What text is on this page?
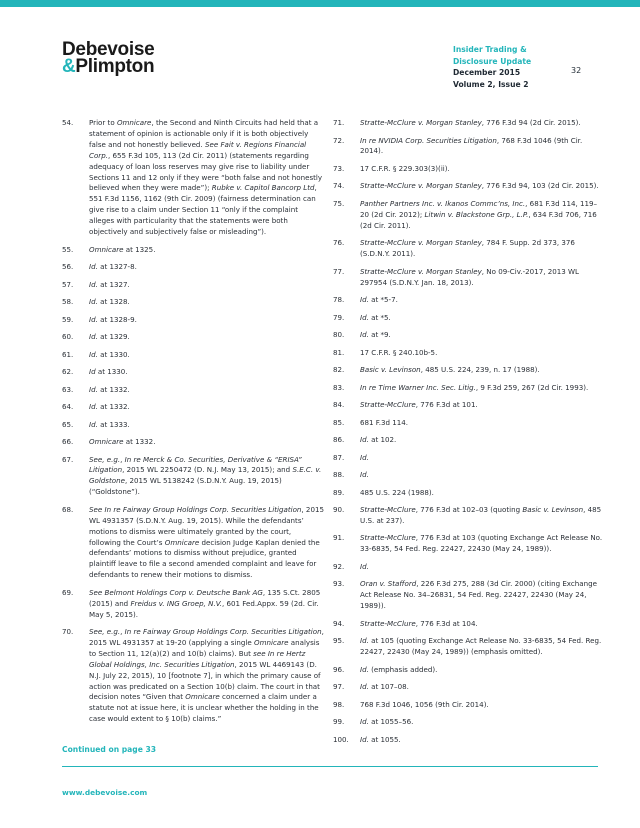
Debevoise
&Plimpton
Insider Trading &
Disclosure Update
December 2015
Volume 2, Issue 2
32
54.	Prior to Omnicare, the Second and Ninth Circuits had held that a statement of opinion is actionable only if it is both objectively false and not honestly believed. See Fait v. Regions Financial Corp., 655 F.3d 105, 113 (2d Cir. 2011) (statements regarding adequacy of loan loss reserves may give rise to liability under Sections 11 and 12 only if they were “both false and not honestly believed when they were made”); Rubke v. Capitol Bancorp Ltd, 551 F.3d 1156, 1162 (9th Cir. 2009) (fairness determination can give rise to a claim under Section 11 “only if the complaint alleges with particularity that the statements were both objectively and subjectively false or misleading”).
55.	Omnicare at 1325.
56.	Id. at 1327-8.
57.	Id. at 1327.
58.	Id. at 1328.
59.	Id. at 1328-9.
60.	Id. at 1329.
61.	Id. at 1330.
62.	Id at 1330.
63.	Id. at 1332.
64.	Id. at 1332.
65.	Id. at 1333.
66.	Omnicare at 1332.
67.	See, e.g., In re Merck & Co. Securities, Derivative & “ERISA” Litigation, 2015 WL 2250472 (D. N.J. May 13, 2015); and S.E.C. v. Goldstone, 2015 WL 5138242 (S.D.N.Y. Aug. 19, 2015) (“Goldstone”).
68.	See In re Fairway Group Holdings Corp. Securities Litigation, 2015 WL 4931357 (S.D.N.Y. Aug. 19, 2015). While the defendants’ motions to dismiss were ultimately granted by the court, following the Court’s Omnicare decision Judge Kaplan denied the defendants’ motions to dismiss without prejudice, granted plaintiff leave to file a second amended complaint and leave for defendants to renew their motions to dismiss.
69.	See Belmont Holdings Corp v. Deutsche Bank AG, 135 S.Ct. 2805 (2015) and Freidus v. ING Groep, N.V., 601 Fed.Appx. 59 (2d. Cir. May 5, 2015).
70.	See, e.g., In re Fairway Group Holdings Corp. Securities Litigation, 2015 WL 4931357 at 19-20 (applying a single Omnicare analysis to Section 11, 12(a)(2) and 10(b) claims). But see In re Hertz Global Holdings, Inc. Securities Litigation, 2015 WL 4469143 (D. N.J. July 22, 2015), 10 [footnote 7], in which the primary cause of action was predicated on a Section 10(b) claim. The court in that decision notes “Given that Omnicare concerned a claim under a statute not at issue here, it is unclear whether the holding in the case would extent to § 10(b) claims.”
71.	Stratte-McClure v. Morgan Stanley, 776 F.3d 94 (2d Cir. 2015).
72.	In re NVIDIA Corp. Securities Litigation, 768 F.3d 1046 (9th Cir. 2014).
73.	17 C.F.R. § 229.303(3)(ii).
74.	Stratte-McClure v. Morgan Stanley, 776 F.3d 94, 103 (2d Cir. 2015).
75.	Panther Partners Inc. v. Ikanos Commc’ns, Inc., 681 F.3d 114, 119–20 (2d Cir. 2012); Litwin v. Blackstone Grp., L.P., 634 F.3d 706, 716 (2d Cir. 2011).
76.	Stratte-McClure v. Morgan Stanley, 784 F. Supp. 2d 373, 376 (S.D.N.Y. 2011).
77.	Stratte-McClure v. Morgan Stanley, No 09-Civ.-2017, 2013 WL 297954 (S.D.N.Y. Jan. 18, 2013).
78.	Id. at *5-7.
79.	Id. at *5.
80.	Id. at *9.
81.	17 C.F.R. § 240.10b-5.
82.	Basic v. Levinson, 485 U.S. 224, 239, n. 17 (1988).
83.	In re Time Warner Inc. Sec. Litig., 9 F.3d 259, 267 (2d Cir. 1993).
84.	Stratte-McClure, 776 F.3d at 101.
85.	681 F.3d 114.
86.	Id. at 102.
87.	Id.
88.	Id.
89.	485 U.S. 224 (1988).
90.	Stratte-McClure, 776 F.3d at 102–03 (quoting Basic v. Levinson, 485 U.S. at 237).
91.	Stratte-McClure, 776 F.3d at 103 (quoting Exchange Act Release No. 33-6835, 54 Fed. Reg. 22427, 22430 (May 24, 1989)).
92.	Id.
93.	Oran v. Stafford, 226 F.3d 275, 288 (3d Cir. 2000) (citing Exchange Act Release No. 34–26831, 54 Fed. Reg. 22427, 22430 (May 24, 1989)).
94.	Stratte-McClure, 776 F.3d at 104.
95.	Id. at 105 (quoting Exchange Act Release No. 33-6835, 54 Fed. Reg. 22427, 22430 (May 24, 1989)) (emphasis omitted).
96.	Id. (emphasis added).
97.	Id. at 107–08.
98.	768 F.3d 1046, 1056 (9th Cir. 2014).
99.	Id. at 1055–56.
100.	Id. at 1055.
Continued on page 33
www.debevoise.com
